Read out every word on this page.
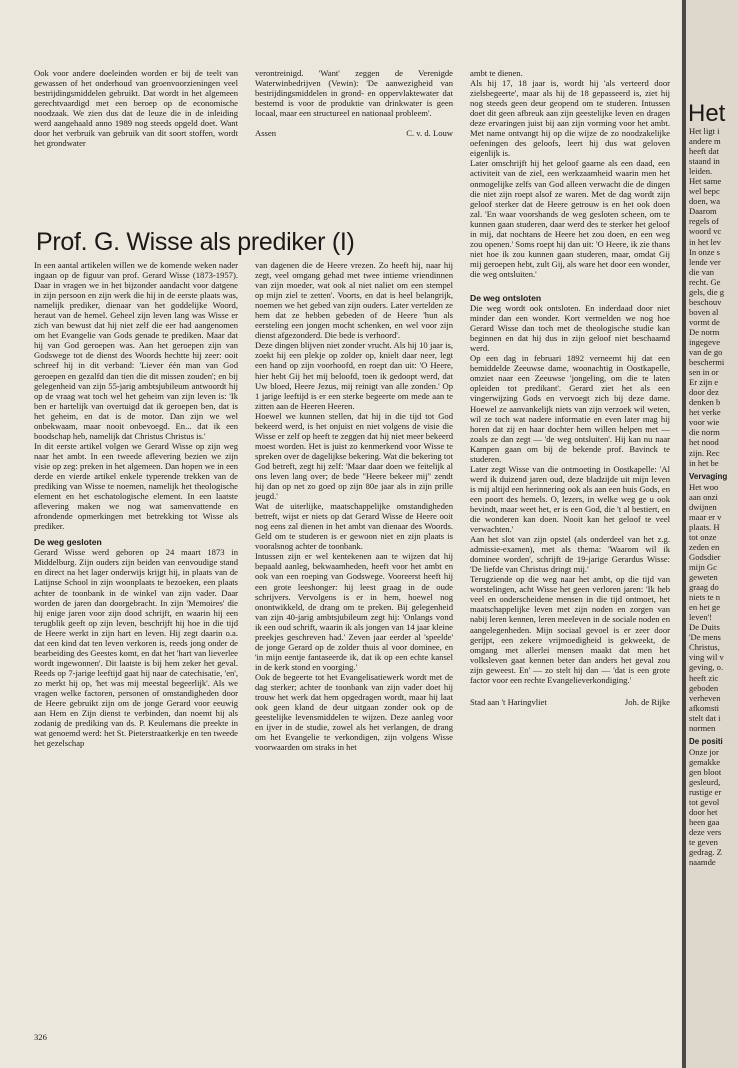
Ook voor andere doeleinden worden er bij de teelt van gewassen of het onderhoud van groenvoorzieningen veel bestrijdingsmiddelen gebruikt. Dat wordt in het algemeen gerechtvaardigd met een beroep op de economische noodzaak. We zien dus dat de leuze die in de inleiding werd aangehaald anno 1989 nog steeds opgeld doet. Want door het verbruik van gebruik van dit soort stoffen, wordt het grondwater

verontreinigd. 'Want' zeggen de Verenigde Waterwinbedrijven (Vewin): 'De aanwezigheid van bestrijdingsmiddelen in grond- en oppervlaktewater dat bestemd is voor de produktie van drinkwater is geen locaal, maar een structureel en nationaal probleem'.

Assen	C. v. d. Louw
Prof. G. Wisse als prediker (I)

In een aantal artikelen willen we de komende weken nader ingaan op de figuur van prof. Gerard Wisse (1873-1957). Daar in vragen we in het bijzonder aandacht voor datgene in zijn persoon en zijn werk die hij in de eerste plaats was, namelijk prediker, dienaar van het goddelijke Woord, heraut van de hemel. Geheel zijn leven lang was Wisse er zich van bewust dat hij niet zelf die eer had aangenomen om het Evangelie van Gods genade te prediken. Maar dat hij van God geroepen was. Aan het geroepen zijn van Godswege tot de dienst des Woords hechtte hij zeer: ooit schreef hij in dit verband: 'Liever één man van God geroepen en gezalfd dan tien die dit missen zouden'; en bij gelegenheid van zijn 55-jarig ambtsjubileum antwoordt hij op de vraag wat toch wel het geheim van zijn leven is: 'Ik ben er hartelijk van overtuigd dat ik geroepen ben, dat is het geheim, en dat is de motor. Dan zijn we wel onbekwaam, maar nooit onbevoegd. En... dat ik een boodschap heb, namelijk dat Christus Christus is.'

In dit eerste artikel volgen we Gerard Wisse op zijn weg naar het ambt. In een tweede aflevering bezien we zijn visie op zeg: preken in het algemeen. Dan hopen we in een derde en vierde artikel enkele typerende trekken van de prediking van Wisse te noemen, namelijk het theologische element en het eschatologische element. In een laatste aflevering maken we nog wat samenvattende en afrondende opmerkingen met betrekking tot Wisse als prediker.

De weg gesloten

Gerard Wisse werd geboren op 24 maart 1873 in Middelburg. Zijn ouders zijn beiden van eenvoudige stand en direct na het lager onderwijs krijgt hij, in plaats van de Latijnse School in zijn woonplaats te bezoeken, een plaats achter de toonbank in de winkel van zijn vader. Daar worden de jaren dan doorgebracht. In zijn 'Memoires' die hij enige jaren voor zijn dood schrijft, en waarin hij een terugblik geeft op zijn leven, beschrijft hij hoe in die tijd de Heere werkt in zijn hart en leven. Hij zegt daarin o.a. dat een kind dat ten leven verkoren is, reeds jong onder de bearbeiding des Geestes komt, en dat het 'hart van lieverlee wordt ingewonnen'. Dit laatste is bij hem zeker het geval. Reeds op 7-jarige leeftijd gaat hij naar de catechisatie, 'en', zo merkt hij op, 'het was mij meestal begeerlijk'. Als we vragen welke factoren, personen of omstandigheden door de Heere gebruikt zijn om de jonge Gerard voor eeuwig aan Hem en Zijn dienst te verbinden, dan noemt hij als zodanig de prediking van ds. P. Keulemans die preekte in wat genoemd werd: het St. Pieterstraatkerkje en ten tweede het gezelschap

van dagenen die de Heere vrezen. Zo heeft hij, naar hij zegt, veel omgang gehad met twee intieme vriendinnen van zijn moeder, wat ook al niet naliet om een stempel op mijn ziel te zetten'. Voorts, en dat is heel belangrijk, noemen we het gebed van zijn ouders. Later vertelden ze hem dat ze hebben gebeden of de Heere 'hun als eersteling een jongen mocht schenken, en wel voor zijn dienst afgezonderd. Die bede is verhoord'.

Deze dingen blijven niet zonder vrucht. Als hij 10 jaar is, zoekt hij een plekje op zolder op, knielt daar neer, legt een hand op zijn voorhoofd, en roept dan uit: 'O Heere, hier hebt Gij het mij beloofd, toen ik gedoopt werd, dat Uw bloed, Heere Jezus, mij reinigt van alle zonden.' Op 1 jarige leeftijd is er een sterke begeerte om mede aan te zitten aan de Heeren Heeren.

Hoewel we kunnen stellen, dat hij in die tijd tot God bekeerd werd, is het onjuist en niet volgens de visie die Wisse er zelf op heeft te zeggen dat hij niet meer bekeerd moest worden. Het is juist zo kenmerkend voor Wisse te spreken over de dagelijkse bekering. Wat die bekering tot God betreft, zegt hij zelf: 'Maar daar doen we feitelijk al ons leven lang over; de bede "Heere bekeer mij" zendt hij dan op net zo goed op zijn 80e jaar als in zijn prille jeugd.'

Wat de uiterlijke, maatschappelijke omstandigheden betreft, wijst er niets op dat Gerard Wisse de Heere ooit nog eens zal dienen in het ambt van dienaar des Woords. Geld om te studeren is er gewoon niet en zijn plaats is vooralsnog achter de toonbank.

Intussen zijn er wel kentekenen aan te wijzen dat hij bepaald aanleg, bekwaamheden, heeft voor het ambt en ook van een roeping van Godswege. Vooreerst heeft hij een grote leeshonger: hij leest graag in de oude schrijvers. Vervolgens is er in hem, hoewel nog onontwikkeld, de drang om te preken. Bij gelegenheid van zijn 40-jarig ambtsjubileum zegt hij: 'Onlangs vond ik een oud schrift, waarin ik als jongen van 14 jaar kleine preekjes geschreven had.' Zeven jaar eerder al 'speelde' de jonge Gerard op de zolder thuis al voor dominee, en 'in mijn eentje fantaseerde ik, dat ik op een echte kansel in de kerk stond en voorging.'

Ook de begeerte tot het Evangelisatiewerk wordt met de dag sterker; achter de toonbank van zijn vader doet hij trouw het werk dat hem opgedragen wordt, maar hij laat ook geen kland de deur uitgaan zonder ook op de geestelijke levensmiddelen te wijzen. Deze aanleg voor en ijver in de studie, zowel als het verlangen, de drang om het Evangelie te verkondigen, zijn volgens Wisse voorwaarden om straks in het

ambt te dienen.

Als hij 17, 18 jaar is, wordt hij 'als verteerd door zielsbegeerte', maar als hij de 18 gepasseerd is, ziet hij nog steeds geen deur geopend om te studeren. Intussen doet dit geen afbreuk aan zijn geestelijke leven en dragen deze ervaringen juist bij aan zijn vorming voor het ambt. Met name ontvangt hij op die wijze de zo noodzakelijke oefeningen des geloofs, leert hij dus wat geloven eigenlijk is.

Later omschrijft hij het geloof gaarne als een daad, een activiteit van de ziel, een werkzaamheid waarin men het onmogelijke zelfs van God alleen verwacht die de dingen die niet zijn roept alsof ze waren. Met de dag wordt zijn geloof sterker dat de Heere getrouw is en het ook doen zal. 'En waar voorshands de weg gesloten scheen, om te kunnen gaan studeren, daar werd des te sterker het geloof in mij, dat nochtans de Heere het zou doen, en een weg zou openen.' Soms roept hij dan uit: 'O Heere, ik zie thans niet hoe ik zou kunnen gaan studeren, maar, omdat Gij mij geroepen hebt, zult Gij, als ware het door een wonder, die weg ontsluiten.'

De weg ontsloten

Die weg wordt ook ontsloten. En inderdaad door niet minder dan een wonder. Kort vermelden we nog hoe Gerard Wisse dan toch met de theologische studie kan beginnen en dat hij dus in zijn geloof niet beschaamd werd.

Op een dag in februari 1892 verneemt hij dat een bemiddelde Zeeuwse dame, woonachtig in Oostkapelle, omziet naar een Zeeuwse 'jongeling, om die te laten opleiden tot predikant'. Gerard ziet het als een vingerwijzing Gods en vervoegt zich bij deze dame. Hoewel ze aanvankelijk niets van zijn verzoek wil weten, wil ze toch wat nadere informatie en even later mag hij horen dat zij en haar dochter hem willen helpen met — zoals ze dan zegt — 'de weg ontsluiten'. Hij kan nu naar Kampen gaan om bij de bekende prof. Bavinck te studeren.

Later zegt Wisse van die ontmoeting in Oostkapelle: 'Al werd ik duizend jaren oud, deze bladzijde uit mijn leven is mij altijd een herinnering ook als aan een huis Gods, en een poort des hemels. O, lezers, in welke weg ge u ook bevindt, maar weet het, er is een God, die 't al bestiert, en die wonderen kan doen. Nooit kan het geloof te veel verwachten.'

Aan het slot van zijn opstel (als onderdeel van het z.g. admissie-examen), met als thema: 'Waarom wil ik dominee worden', schrijft de 19-jarige Gerardus Wisse: 'De liefde van Christus dringt mij.'

Terugziende op die weg naar het ambt, op die tijd van worstelingen, acht Wisse het geen verloren jaren: 'Ik heb veel en onderscheidene mensen in die tijd ontmoet, het maatschappelijke leven met zijn noden en zorgen van nabij leren kennen, leren meeleven in de sociale noden en aangelegenheden. Mijn sociaal gevoel is er zeer door gerijpt, een zekere vrijmoedigheid is gekweekt, de omgang met allerlei mensen maakt dat men het volksleven gaat kennen beter dan anders het geval zou zijn geweest. En' — zo stelt hij dan — 'dat is een grote factor voor een rechte Evangelieverkondiging.'

Stad aan 't Haringvliet	Joh. de Rijke
326
Het
Het ligt i
andere m
heeft dat
staand in
leiden.
Het same
wel bepc
doen, wa
Daarom
regels of
woord vc
in het lev
In onze s
lende ver
die van
recht. Ge
gels, die g
beschouv
boven al
vormt de
De norm
ingegeve
van de go
beschermi
sen in or
Er zijn e
door dez
denken b
het verke
voor wie
die norm
het nood
zijn. Rec
in het be
Vervaging
Het woo
aan onzi
dwijnen
maar er v
plaats. H
tot onze
zeden en
Godsdier
mijn Gc
geweten
graag do
niets te n
en het ge
leven'!
De Duits
'De mens
Christus,
ving wil v
geving, o.
heeft zic
geboden
verheven
afkomsti
stelt dat i
normen
De positi
Onze jor
gemakke
gen bloot
gesleurd,
rustige er
tot gevol
door het
heen gaa
deze vers
te geven
gedrag. Z
naamde
